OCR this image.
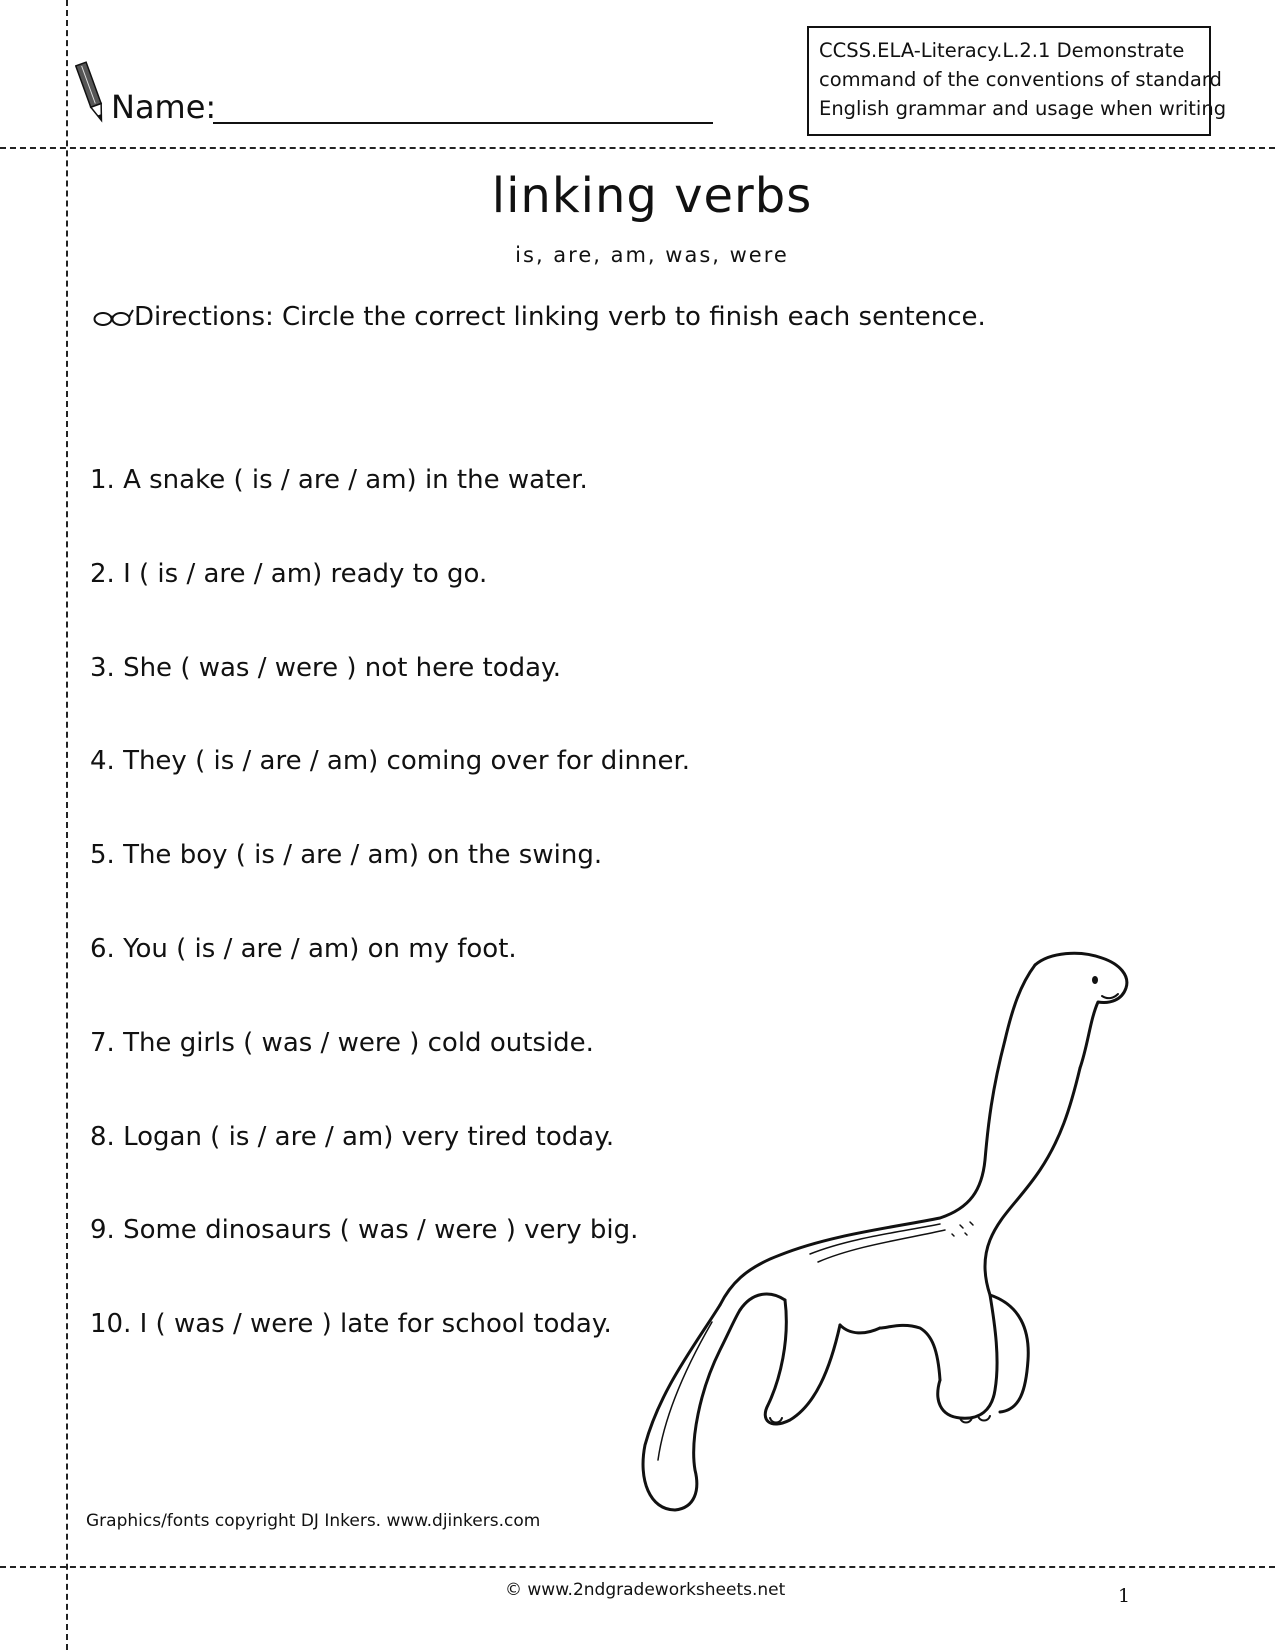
Name:
CCSS.ELA-Literacy.L.2.1 Demonstrate
command of the conventions of standard
English grammar and usage when writing
linking verbs
is, are, am, was, were
Directions: Circle the correct linking verb to finish each sentence.
1. A snake ( is / are / am) in the water.
2. I ( is / are / am) ready to go.
3. She ( was / were ) not here today.
4. They ( is / are / am) coming over for dinner.
5. The boy ( is / are / am) on the swing.
6. You ( is / are / am) on my foot.
7. The girls ( was / were ) cold outside.
8. Logan ( is / are / am) very tired today.
9. Some dinosaurs ( was / were ) very big.
10. I ( was / were ) late for school today.
Graphics/fonts copyright DJ Inkers. www.djinkers.com
© www.2ndgradeworksheets.net	1
